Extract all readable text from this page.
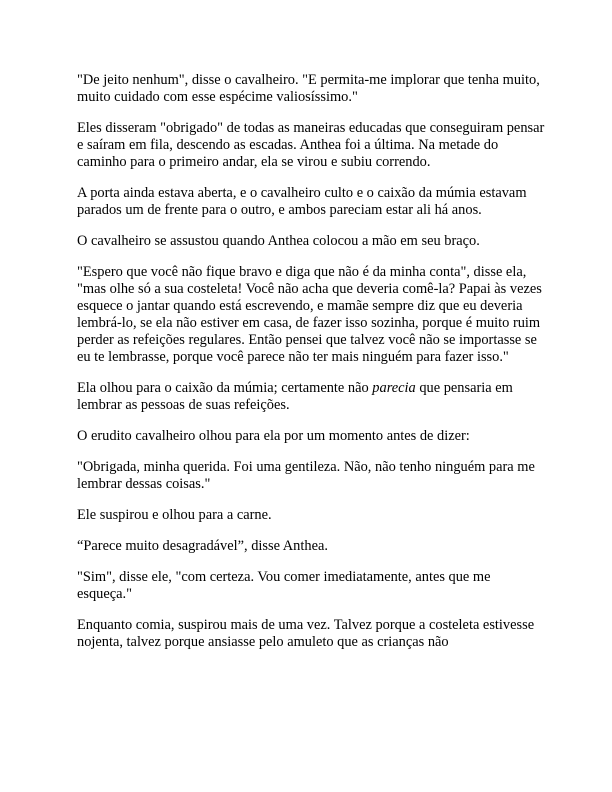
"De jeito nenhum", disse o cavalheiro. "E permita-me implorar que tenha muito, muito cuidado com esse espécime valiosíssimo."

Eles disseram "obrigado" de todas as maneiras educadas que conseguiram pensar e saíram em fila, descendo as escadas. Anthea foi a última. Na metade do caminho para o primeiro andar, ela se virou e subiu correndo.

A porta ainda estava aberta, e o cavalheiro culto e o caixão da múmia estavam parados um de frente para o outro, e ambos pareciam estar ali há anos.

O cavalheiro se assustou quando Anthea colocou a mão em seu braço.

"Espero que você não fique bravo e diga que não é da minha conta", disse ela, "mas olhe só a sua costeleta! Você não acha que deveria comê-la? Papai às vezes esquece o jantar quando está escrevendo, e mamãe sempre diz que eu deveria lembrá-lo, se ela não estiver em casa, de fazer isso sozinha, porque é muito ruim perder as refeições regulares. Então pensei que talvez você não se importasse se eu te lembrasse, porque você parece não ter mais ninguém para fazer isso."

Ela olhou para o caixão da múmia; certamente não parecia que pensaria em lembrar as pessoas de suas refeições.

O erudito cavalheiro olhou para ela por um momento antes de dizer:

"Obrigada, minha querida. Foi uma gentileza. Não, não tenho ninguém para me lembrar dessas coisas."

Ele suspirou e olhou para a carne.

“Parece muito desagradável”, disse Anthea.

"Sim", disse ele, "com certeza. Vou comer imediatamente, antes que me esqueça."

Enquanto comia, suspirou mais de uma vez. Talvez porque a costeleta estivesse nojenta, talvez porque ansiasse pelo amuleto que as crianças não
